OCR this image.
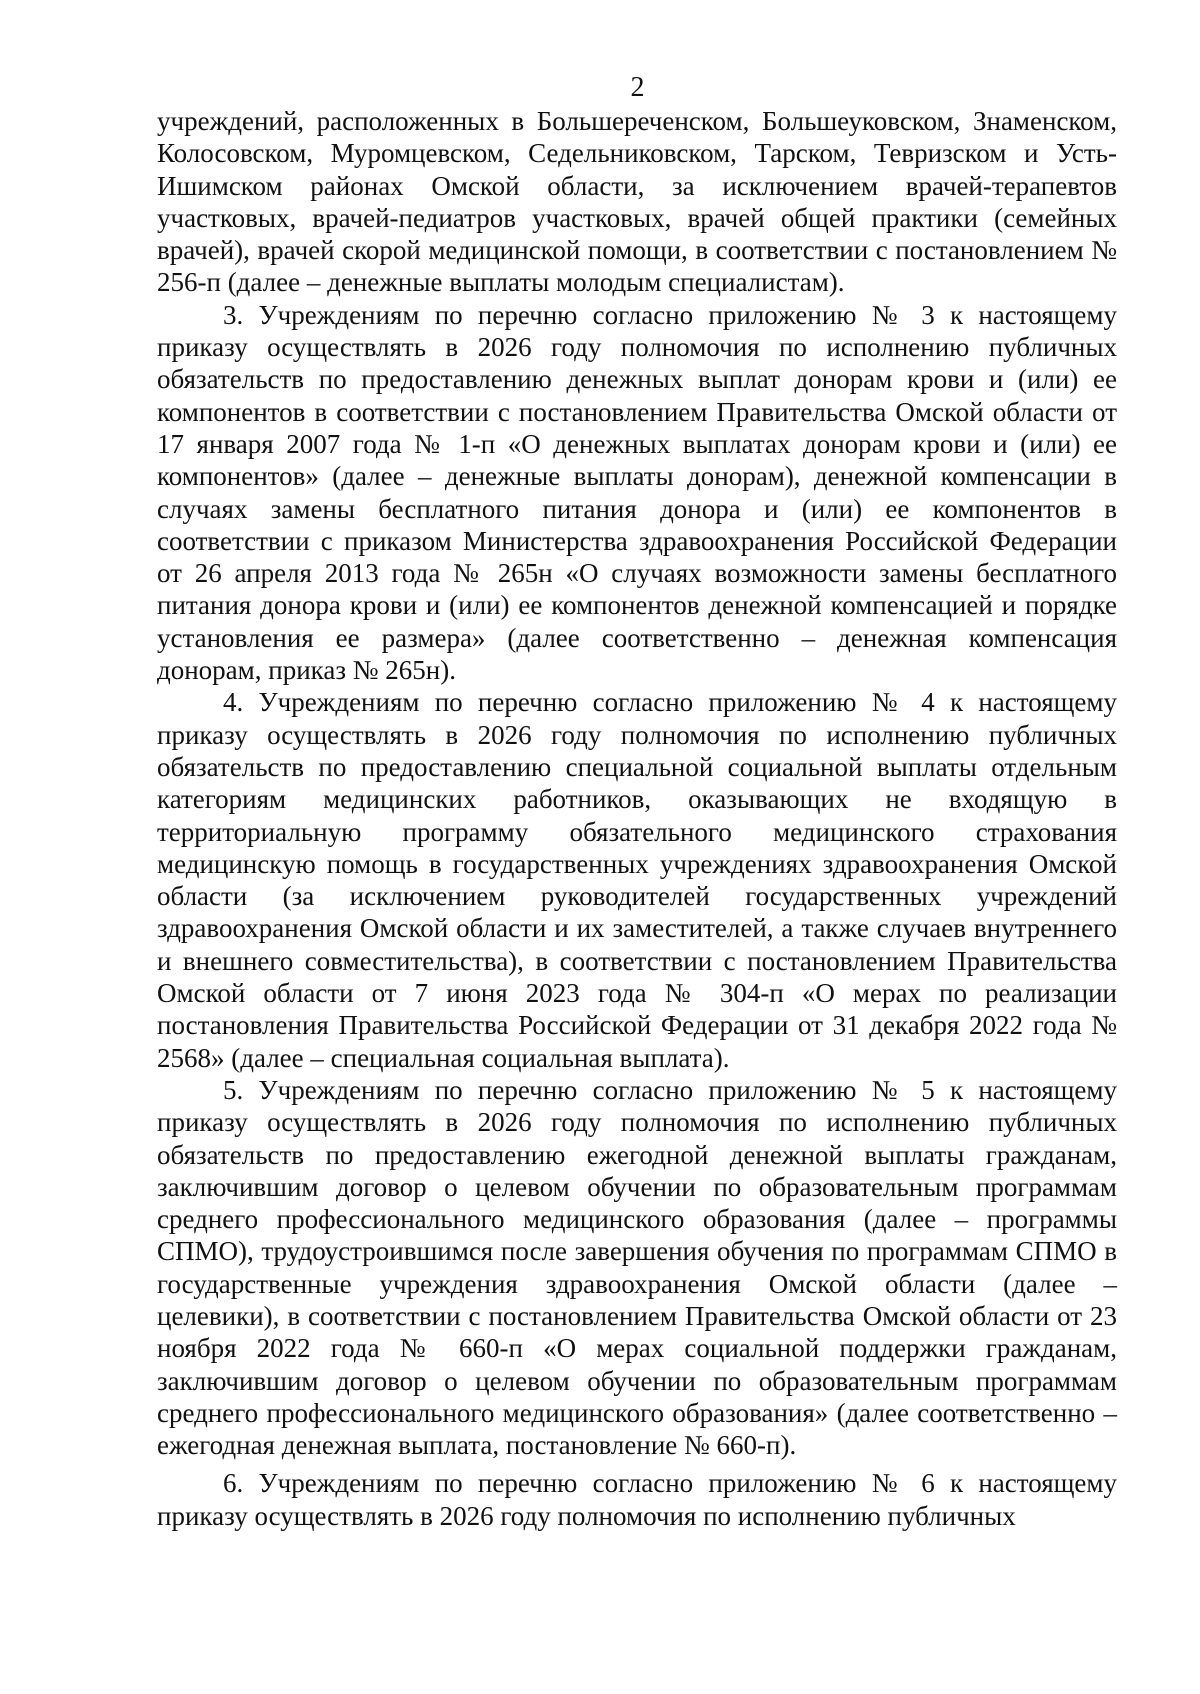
2

учреждений, расположенных в Большереченском, Большеуковском, Знаменском, Колосовском, Муромцевском, Седельниковском, Тарском, Тевризском и Усть-Ишимском районах Омской области, за исключением врачей-терапевтов участковых, врачей-педиатров участковых, врачей общей практики (семейных врачей), врачей скорой медицинской помощи, в соответствии с постановлением № 256-п (далее – денежные выплаты молодым специалистам).

3. Учреждениям по перечню согласно приложению № 3 к настоящему приказу осуществлять в 2026 году полномочия по исполнению публичных обязательств по предоставлению денежных выплат донорам крови и (или) ее компонентов в соответствии с постановлением Правительства Омской области от 17 января 2007 года № 1-п «О денежных выплатах донорам крови и (или) ее компонентов» (далее – денежные выплаты донорам), денежной компенсации в случаях замены бесплатного питания донора и (или) ее компонентов в соответствии с приказом Министерства здравоохранения Российской Федерации от 26 апреля 2013 года № 265н «О случаях возможности замены бесплатного питания донора крови и (или) ее компонентов денежной компенсацией и порядке установления ее размера» (далее соответственно – денежная компенсация донорам, приказ № 265н).

4. Учреждениям по перечню согласно приложению № 4 к настоящему приказу осуществлять в 2026 году полномочия по исполнению публичных обязательств по предоставлению специальной социальной выплаты отдельным категориям медицинских работников, оказывающих не входящую в территориальную программу обязательного медицинского страхования медицинскую помощь в государственных учреждениях здравоохранения Омской области (за исключением руководителей государственных учреждений здравоохранения Омской области и их заместителей, а также случаев внутреннего и внешнего совместительства), в соответствии с постановлением Правительства Омской области от 7 июня 2023 года № 304-п «О мерах по реализации постановления Правительства Российской Федерации от 31 декабря 2022 года № 2568» (далее – специальная социальная выплата).

5. Учреждениям по перечню согласно приложению № 5 к настоящему приказу осуществлять в 2026 году полномочия по исполнению публичных обязательств по предоставлению ежегодной денежной выплаты гражданам, заключившим договор о целевом обучении по образовательным программам среднего профессионального медицинского образования (далее – программы СПМО), трудоустроившимся после завершения обучения по программам СПМО в государственные учреждения здравоохранения Омской области (далее – целевики), в соответствии с постановлением Правительства Омской области от 23 ноября 2022 года № 660-п «О мерах социальной поддержки гражданам, заключившим договор о целевом обучении по образовательным программам среднего профессионального медицинского образования» (далее соответственно – ежегодная денежная выплата, постановление № 660-п).

6. Учреждениям по перечню согласно приложению № 6 к настоящему приказу осуществлять в 2026 году полномочия по исполнению публичных
